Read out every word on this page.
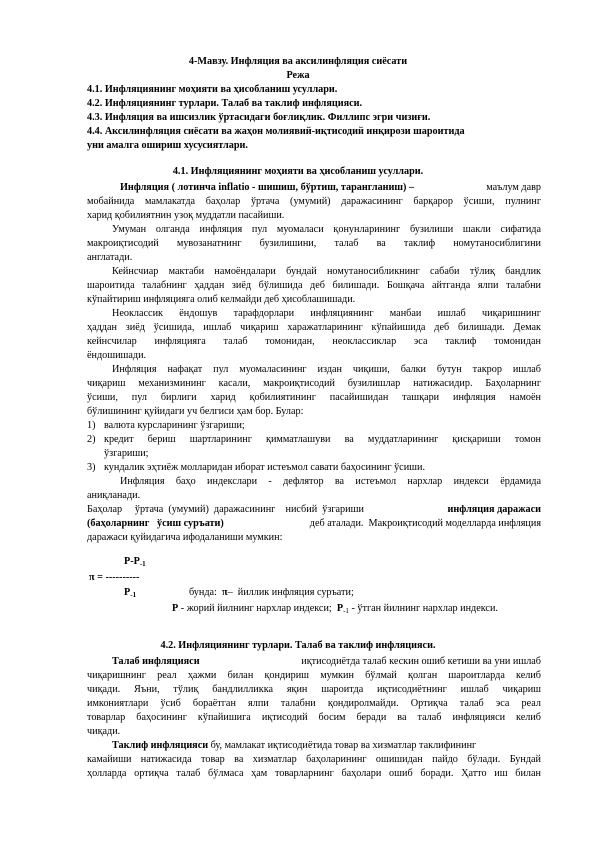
4-Мавзу. Инфляция ва аксилинфляция сиёсати
Режа
4.1. Инфляциянинг моҳияти ва ҳисобланиш усуллари.
4.2. Инфляциянинг турлари. Талаб ва таклиф инфляцияси.
4.3. Инфляция ва ишсизлик ўртасидаги боғлиқлик. Филлипс эгри чизиғи.
4.4. Аксилинфляция сиёсати ва жаҳон молиявий-иқтисодий инқирози шароитида
уни амалга ошириш хусусиятлари.
4.1. Инфляциянинг моҳияти ва ҳисобланиш усуллари.
Инфляция ( лотинча inflatio - шишиш, бўртиш, тарангланиш) –	маълум давр
мобайнида мамлакатда баҳолар ўртача (умумий) даражасининг барқарор ўсиши, пулнинг
харид қобилиятнин узоқ муддатли пасайиши.
Умуман олганда инфляция пул муомаласи қонунларининг бузилиши шакли сифатида
макроиқтисодий мувозанатнинг бузилишини, талаб ва таклиф номутаносиблигини
англатади.
Кейнсчиар мактаби намоёндалари бундай номутаносибликнинг сабаби тўлиқ бандлик
шароитида талабнинг ҳаддан зиёд бўлишида деб билишади. Бошқача айтганда ялпи талабни
кўпайтириш инфляцияга олиб келмайди деб ҳисоблашишади.
Неоклассик ёндошув тарафдорлари инфляциянинг манбаи ишлаб чиқаришнинг
ҳаддан зиёд ўсишида, ишлаб чиқариш харажатларининг кўпайишида деб билишади. Демак
кейнсчилар инфляцияга талаб томонидан, неоклассиклар эса таклиф томонидан
ёндошишади.
Инфляция нафақат пул муомаласининг издан чиқиши, балки бутун такрор ишлаб
чиқариш механизмининг касали, макроиқтисодий бузилишлар натижасидир. Баҳоларнинг
ўсиши, пул бирлиги харид қобилиятининг пасайишидан ташқари инфляция намоён
бўлишининг қуйидаги уч белгиси ҳам бор. Булар:
1) валюта курсларининг ўзгариши;
2) кредит бериш шартларининг қимматлашуви ва муддатларининг қисқариши томон
ўзгариши;
3) кундалик эҳтиёж молларидан иборат истеъмол савати баҳосининг ўсиши.
Инфляция баҳо индекслари - дефлятор ва истеъмол нархлар индекси ёрдамида
аниқланади.
Баҳолар     ўртача  (умумий)  даражасининг    нисбий  ўзгариши	инфляция даражаси
(баҳоларнинг   ўсиш суръати)	деб аталади.  Макроиқтисодий моделларда инфляция
даражаси қуйидагича ифодаланиши мумкин:
$P-P_{-1}$
π = ----------
$P_{-1}$	бунда:  π–  йиллик инфляция суръати;
P - жорий йилнинг нархлар индекси;  $P_{-1}$ - ўтган йилнинг нархлар индекси.
4.2. Инфляциянинг турлари. Талаб ва таклиф инфляцияси.
Талаб инфляцияси	иқтисодиётда талаб кескин ошиб кетиши ва уни ишлаб
чиқаришнинг реал ҳажми билан қондириш мумкин бўлмай қолган шароитларда келиб
чиқади. Яъни, тўлиқ бандлилликка яқин шароитда иқтисодиётнинг ишлаб чиқариш
имкониятлари ўсиб бораётган ялпи талабни қондиролмайди. Ортиқча талаб эса реал
товарлар баҳосининг кўпайишига иқтисодий босим беради ва талаб инфляцияси келиб
чиқади.
Таклиф инфляцияси бу, мамлакат иқтисодиётида товар ва хизматлар таклифининг
камайиши натижасида товар ва хизматлар баҳоларининг ошишидан пайдо бўлади. Бундай
ҳолларда ортиқча талаб бўлмаса ҳам товарларнинг баҳолари ошиб боради. Ҳатто иш билан
